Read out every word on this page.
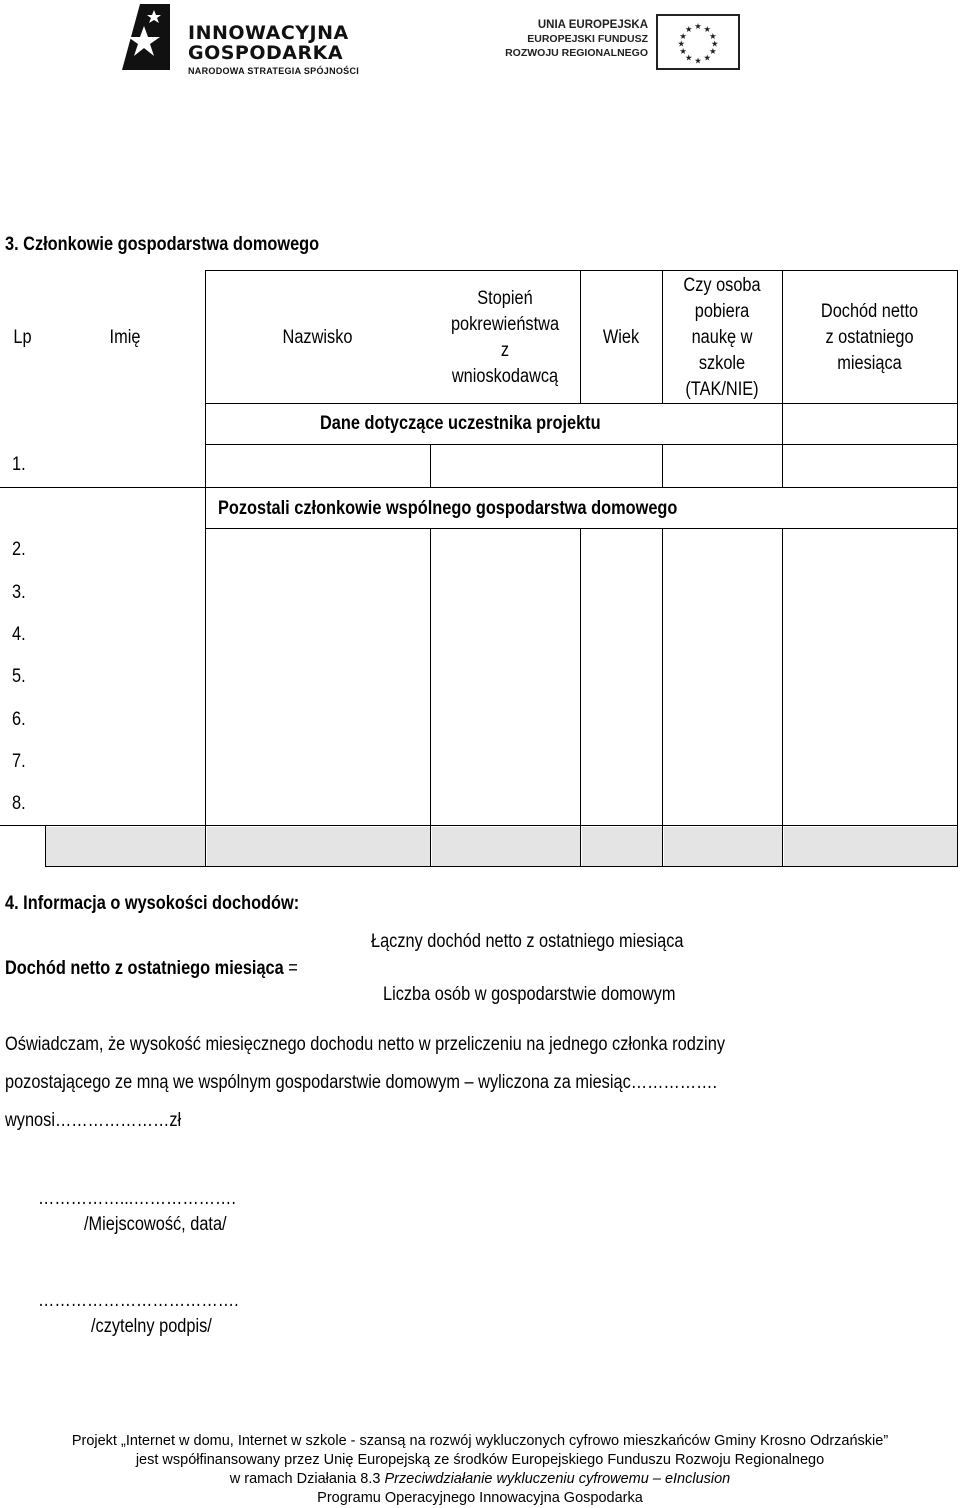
INNOWACYJNA
GOSPODARKA
NARODOWA STRATEGIA SPÓJNOŚCI
UNIA EUROPEJSKA
EUROPEJSKI FUNDUSZ
ROZWOJU REGIONALNEGO
★ ★
★
★
★
★
★
★
★
★
★
★
3. Członkowie gospodarstwa domowego
Lp	Imię	Nazwisko
Stopień
pokrewieństwa
z
wnioskodawcą
Wiek
Czy osoba
pobiera
naukę w
szkole
(TAK/NIE)
Dochód netto
z ostatniego
miesiąca
Dane dotyczące uczestnika projektu
Pozostali członkowie wspólnego gospodarstwa domowego
1.
2.
3.
4.
5.
6.
7.
8.
4. Informacja o wysokości dochodów:
Łączny dochód netto z ostatniego miesiąca
Dochód netto z ostatniego miesiąca =
Liczba osób w gospodarstwie domowym
Oświadczam, że wysokość miesięcznego dochodu netto w przeliczeniu na jednego członka rodziny
pozostającego ze mną we wspólnym gospodarstwie domowym – wyliczona za miesiąc…………….
wynosi…………………zł
……………...……………….
/Miejscowość, data/
……………………………….
/czytelny podpis/
Projekt „Internet w domu, Internet w szkole - szansą na rozwój wykluczonych cyfrowo mieszkańców Gminy Krosno Odrzańskie”
jest współfinansowany przez Unię Europejską ze środków Europejskiego Funduszu Rozwoju Regionalnego
w ramach Działania 8.3 Przeciwdziałanie wykluczeniu cyfrowemu – eInclusion
Programu Operacyjnego Innowacyjna Gospodarka
